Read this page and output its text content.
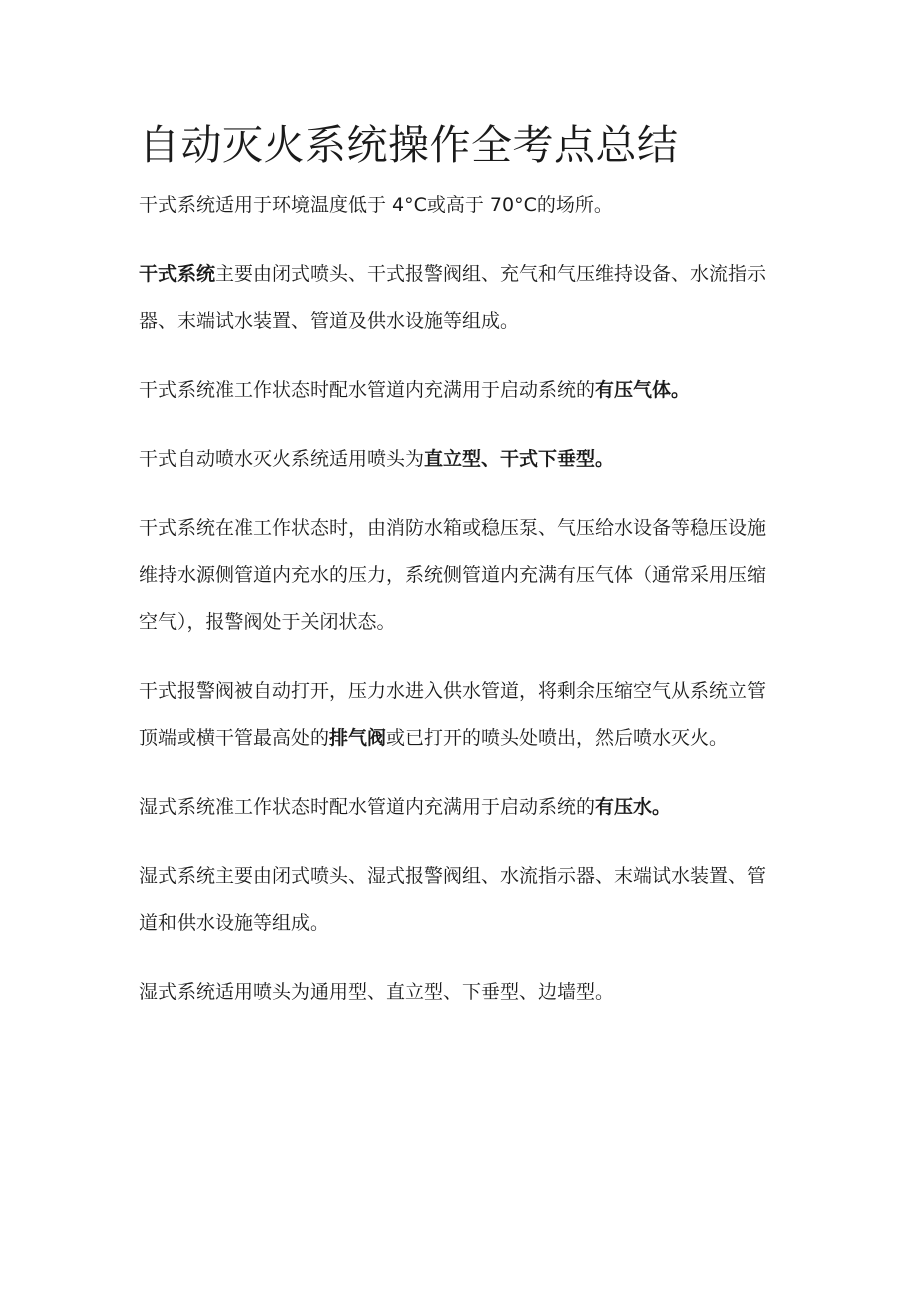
自动灭火系统操作全考点总结

干式系统适用于环境温度低于 4°C或高于 70°C的场所。

干式系统主要由闭式喷头、干式报警阀组、充气和气压维持设备、水流指示器、末端试水装置、管道及供水设施等组成。

干式系统准工作状态时配水管道内充满用于启动系统的有压气体。

干式自动喷水灭火系统适用喷头为直立型、干式下垂型。

干式系统在准工作状态时，由消防水箱或稳压泵、气压给水设备等稳压设施维持水源侧管道内充水的压力，系统侧管道内充满有压气体（通常采用压缩空气），报警阀处于关闭状态。

干式报警阀被自动打开，压力水进入供水管道，将剩余压缩空气从系统立管顶端或横干管最高处的排气阀或已打开的喷头处喷出，然后喷水灭火。

湿式系统准工作状态时配水管道内充满用于启动系统的有压水。

湿式系统主要由闭式喷头、湿式报警阀组、水流指示器、末端试水装置、管道和供水设施等组成。

湿式系统适用喷头为通用型、直立型、下垂型、边墙型。
